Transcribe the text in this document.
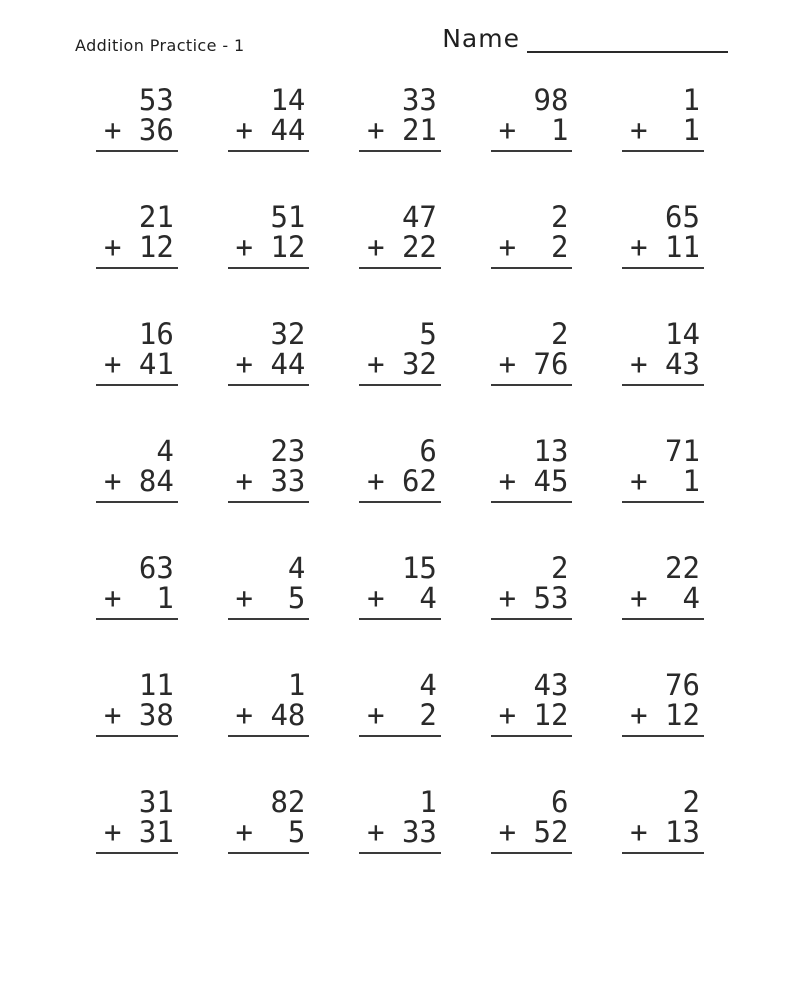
Addition Practice - 1	Name
53
+ 36
14
+ 44
33
+ 21
98
+ 1
1
+ 1
21
+ 12
51
+ 12
47
+ 22
2
+ 2
65
+ 11
16
+ 41
32
+ 44
5
+ 32
2
+ 76
14
+ 43
4
+ 84
23
+ 33
6
+ 62
13
+ 45
71
+ 1
63
+ 1
4
+ 5
15
+ 4
2
+ 53
22
+ 4
11
+ 38
1
+ 48
4
+ 2
43
+ 12
76
+ 12
31
+ 31
82
+ 5
1
+ 33
6
+ 52
2
+ 13
